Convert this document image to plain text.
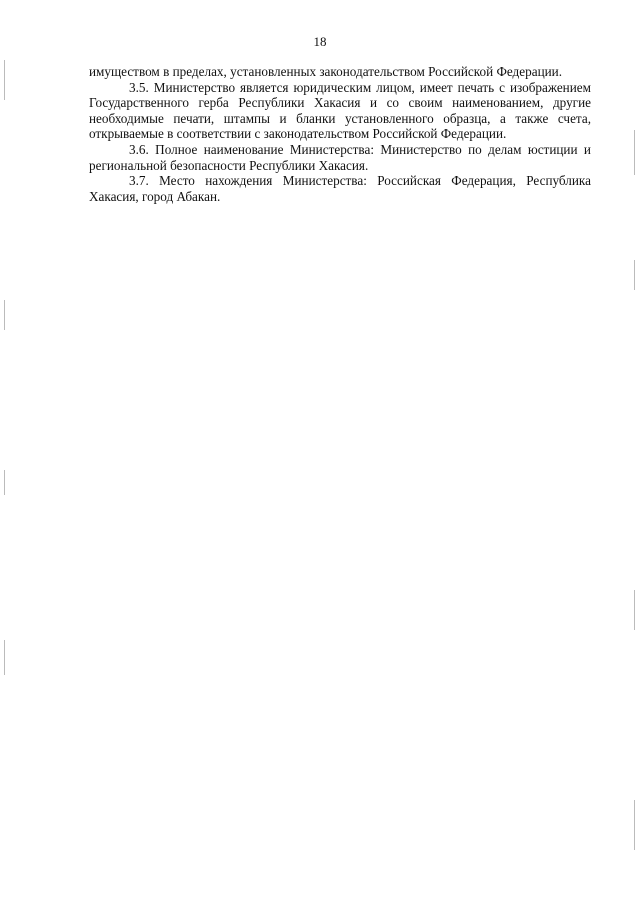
18

имуществом в пределах, установленных законодательством Российской Федерации.

3.5. Министерство является юридическим лицом, имеет печать с изображением Государственного герба Республики Хакасия и со своим наименованием, другие необходимые печати, штампы и бланки установленного образца, а также счета, открываемые в соответствии с законодательством Российской Федерации.

3.6. Полное наименование Министерства: Министерство по делам юстиции и региональной безопасности Республики Хакасия.

3.7. Место нахождения Министерства: Российская Федерация, Республика Хакасия, город Абакан.
